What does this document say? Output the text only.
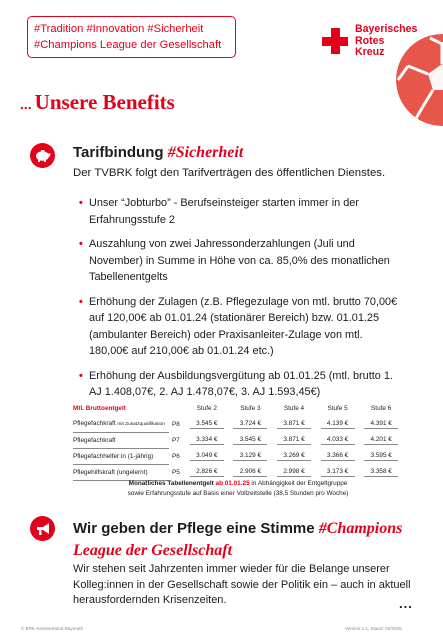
#Tradition #Innovation #Sicherheit
#Champions League der Gesellschaft
Bayerisches
Rotes
Kreuz
... Unsere Benefits
Tarifbindung #Sicherheit
Der TVBRK folgt den Tarifverträgen des öffentlichen Dienstes.
• Unser “Jobturbo” - Berufseinsteiger starten immer in der Erfahrungsstufe 2
• Auszahlung von zwei Jahressonderzahlungen (Juli und November) in Summe in Höhe von ca. 85,0% des monatlichen Tabellenentgelts
• Erhöhung der Zulagen (z.B. Pflegezulage von mtl. brutto 70,00€ auf 120,00€ ab 01.01.24 (stationärer Bereich) bzw. 01.01.25 (ambulanter Bereich) oder Praxisanleiter-Zulage von mtl. 180,00€ auf 210,00€ ab 01.01.24 etc.)
• Erhöhung der Ausbildungsvergütung ab 01.01.25 (mtl. brutto 1. AJ 1.408,07€, 2. AJ 1.478,07€, 3. AJ 1.593,45€)
Mtl. Bruttoentgelt		Stufe 2	Stufe 3	Stufe 4	Stufe 5	Stufe 6
Pflegefachkraft mit Zusatzqualifikation	P8	3.545 €	3.724 €	3.871 €	4.139 €	4.391 €
Pflegefachkraft	P7	3.334 €	3.545 €	3.871 €	4.033 €	4.201 €
Pflegefachhelfer:in (1-jährig)	P6	3.049 €	3.129 €	3.269 €	3.366 €	3.595 €
Pflegehilfskraft (ungelernt)	P5	2.826 €	2.906 €	2.998 €	3.173 €	3.358 €
Monatliches Tabellenentgelt ab 01.01.25 in Abhängigkeit der Entgeltgruppe
sowie Erfahrungsstufe auf Basis einer Vollzeitstelle (38,5 Stunden pro Woche)
Wir geben der Pflege eine Stimme #Champions
League der Gesellschaft
Wir stehen seit Jahrzenten immer wieder für die Belange unserer Kolleg:innen in der Gesellschaft sowie der Politik ein – auch in aktuell herausfordernden Krisenzeiten.	...
© BRK Kreisverband Bayreuth	Version 1.1, Stand: 02/2025
